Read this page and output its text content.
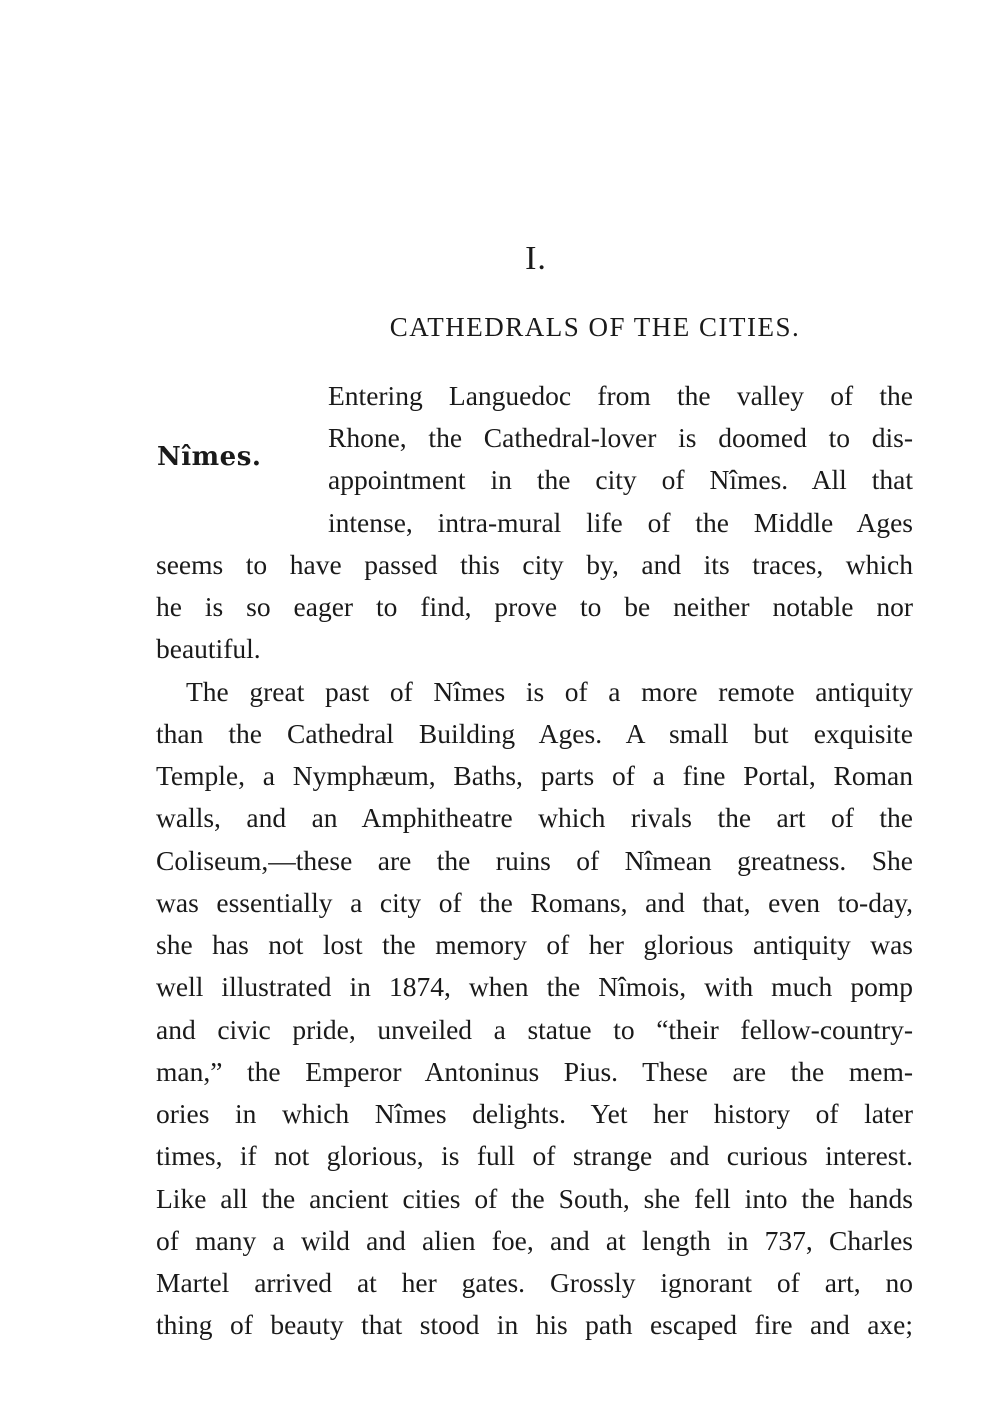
I.
CATHEDRALS OF THE CITIES.
Nîmes.
Entering Languedoc from the valley of the
Rhone, the Cathedral-lover is doomed to dis-
appointment in the city of Nîmes. All that
intense, intra-mural life of the Middle Ages
seems to have passed this city by, and its traces, which
he is so eager to find, prove to be neither notable nor
beautiful.
The great past of Nîmes is of a more remote antiquity
than the Cathedral Building Ages. A small but exquisite
Temple, a Nymphæum, Baths, parts of a fine Portal, Roman
walls, and an Amphitheatre which rivals the art of the
Coliseum,—these are the ruins of Nîmean greatness. She
was essentially a city of the Romans, and that, even to-day,
she has not lost the memory of her glorious antiquity was
well illustrated in 1874, when the Nîmois, with much pomp
and civic pride, unveiled a statue to “their fellow-country-
man,” the Emperor Antoninus Pius. These are the mem-
ories in which Nîmes delights. Yet her history of later
times, if not glorious, is full of strange and curious interest.
Like all the ancient cities of the South, she fell into the hands
of many a wild and alien foe, and at length in 737, Charles
Martel arrived at her gates. Grossly ignorant of art, no
thing of beauty that stood in his path escaped fire and axe;
